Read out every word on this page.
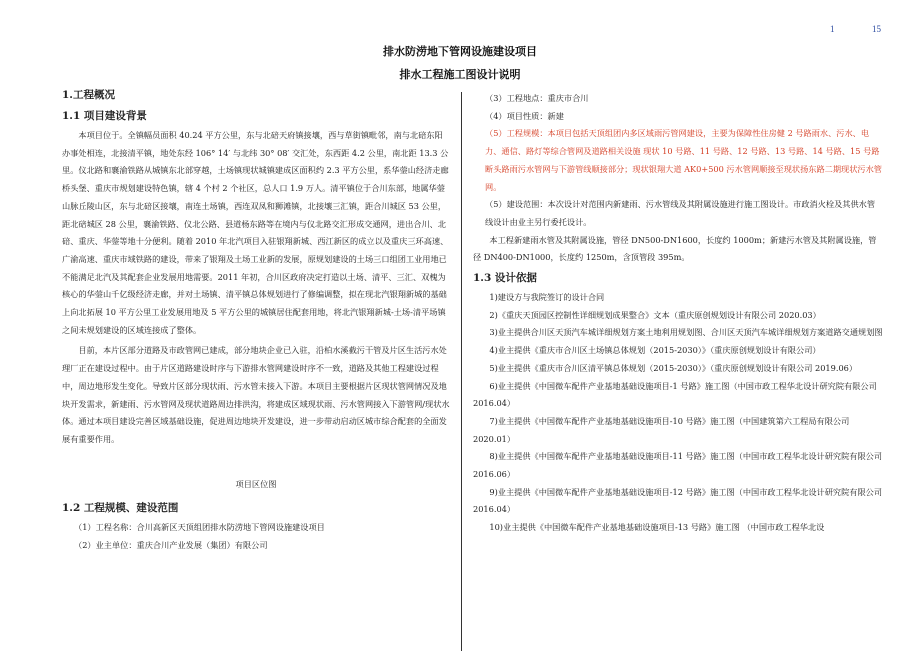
1	15
排水防涝地下管网设施建设项目
排水工程施工图设计说明
1.工程概况
1.1 项目建设背景

本项目位于。全镇幅员面积 40.24 平方公里，东与北碚天府镇接壤，西与草街镇毗邻，南与北碚东阳办事处相连，北接清平镇，地处东经 106° 14′ 与北纬 30° 08′ 交汇处，东西距 4.2 公里，南北距 13.3 公里。仪北路和襄渝铁路从城镇东北部穿越，土场镇现状城镇建成区面积约 2.3 平方公里，系华蓥山经济走廊桥头堡、重庆市规划建设特色镇，辖 4 个村 2 个社区，总人口 1.9 万人。清平镇位于合川东部，地属华蓥山脉丘陵山区，东与北碚区接壤，南连土场镇，西连双凤和狮滩镇，北接壤三汇镇，距合川城区 53 公里，距北碚城区 28 公里，襄渝铁路、仪北公路、县道杨东路等在境内与仪北路交汇形成交通网，进出合川、北碚、重庆、华蓥等地十分便利。随着 2010 年北汽项目入驻银翔新城、西江新区的成立以及重庆三环高速、广渝高速、重庆市域铁路的建设，带来了银翔及土场工业新的发展，原规划建设的土场三口组团工业用地已不能满足北汽及其配套企业发展用地需要。2011 年初，合川区政府决定打造以土场、清平、三汇、双槐为核心的华蓥山千亿级经济走廊，并对土场镇、清平镇总体规划进行了修编调整，拟在现北汽银翔新城的基础上向北拓展 10 平方公里工业发展用地及 5 平方公里的城镇居住配套用地，将北汽银翔新城-土场-清平场镇之间未规划建设的区域连接成了整体。

目前，本片区部分道路及市政管网已建成，部分地块企业已入驻，沿柏水溪截污干管及片区生活污水处理厂正在建设过程中。由于片区道路建设时序与下游排水管网建设时序不一致，道路及其他工程建设过程中，周边地形发生变化。导致片区部分现状雨、污水管未接入下游。本项目主要根据片区现状管网情况及地块开发需求，新建雨、污水管网及现状道路周边排洪沟，将建成区域现状雨、污水管网接入下游管网/现状水体。通过本项目建设完善区域基础设施，促进周边地块开发建设，进一步带动启动区城市综合配套的全面发展有重要作用。

项目区位图
1.2 工程规模、建设范围

（1）工程名称：合川高新区天顶组团排水防涝地下管网设施建设项目

（2）业主单位：重庆合川产业发展（集团）有限公司

（3）工程地点：重庆市合川

（4）项目性质：新建

（5）工程规模：本项目包括天顶组团内多区域雨污管网建设，主要为保障性住房健 2 号路雨水、污水、电力、通信、路灯等综合管网及道路相关设施 现状 10 号路、11 号路、12 号路、13 号路、14 号路、15 号路断头路雨污水管网与下游管线顺接部分；现状银翔大道 AK0+500 污水管网顺接至现状扬东路二期现状污水管网。

（5）建设范围：本次设计对范围内新建雨、污水管线及其附属设施进行施工图设计。市政消火栓及其供水管线设计由业主另行委托设计。

本工程新建雨水管及其附属设施，管径 DN500-DN1600，长度约 1000m；新建污水管及其附属设施，管径 DN400-DN1000，长度约 1250m，含顶管段 395m。

1.3 设计依据

1)建设方与我院签订的设计合同

2)《重庆天顶园区控制性详细规划成果整合》文本（重庆原创规划设计有限公司 2020.03）

3)业主提供合川区天顶汽车城详细规划方案土地利用规划图、合川区天顶汽车城详细规划方案道路交通规划图

4)业主提供《重庆市合川区土场镇总体规划（2015-2030）》（重庆原创规划设计有限公司）

5)业主提供《重庆市合川区清平镇总体规划（2015-2030）》（重庆原创规划设计有限公司 2019.06）

6)业主提供《中国微车配件产业基地基础设施项目-1 号路》施工图（中国市政工程华北设计研究院有限公司 2016.04）

7)业主提供《中国微车配件产业基地基础设施项目-10 号路》施工图（中国建筑第六工程局有限公司 2020.01）

8)业主提供《中国微车配件产业基地基础设施项目-11 号路》施工图（中国市政工程华北设计研究院有限公司 2016.06）

9)业主提供《中国微车配件产业基地基础设施项目-12 号路》施工图（中国市政工程华北设计研究院有限公司 2016.04）

10)业主提供《中国微车配件产业基地基础设施项目-13 号路》施工图 （中国市政工程华北设
